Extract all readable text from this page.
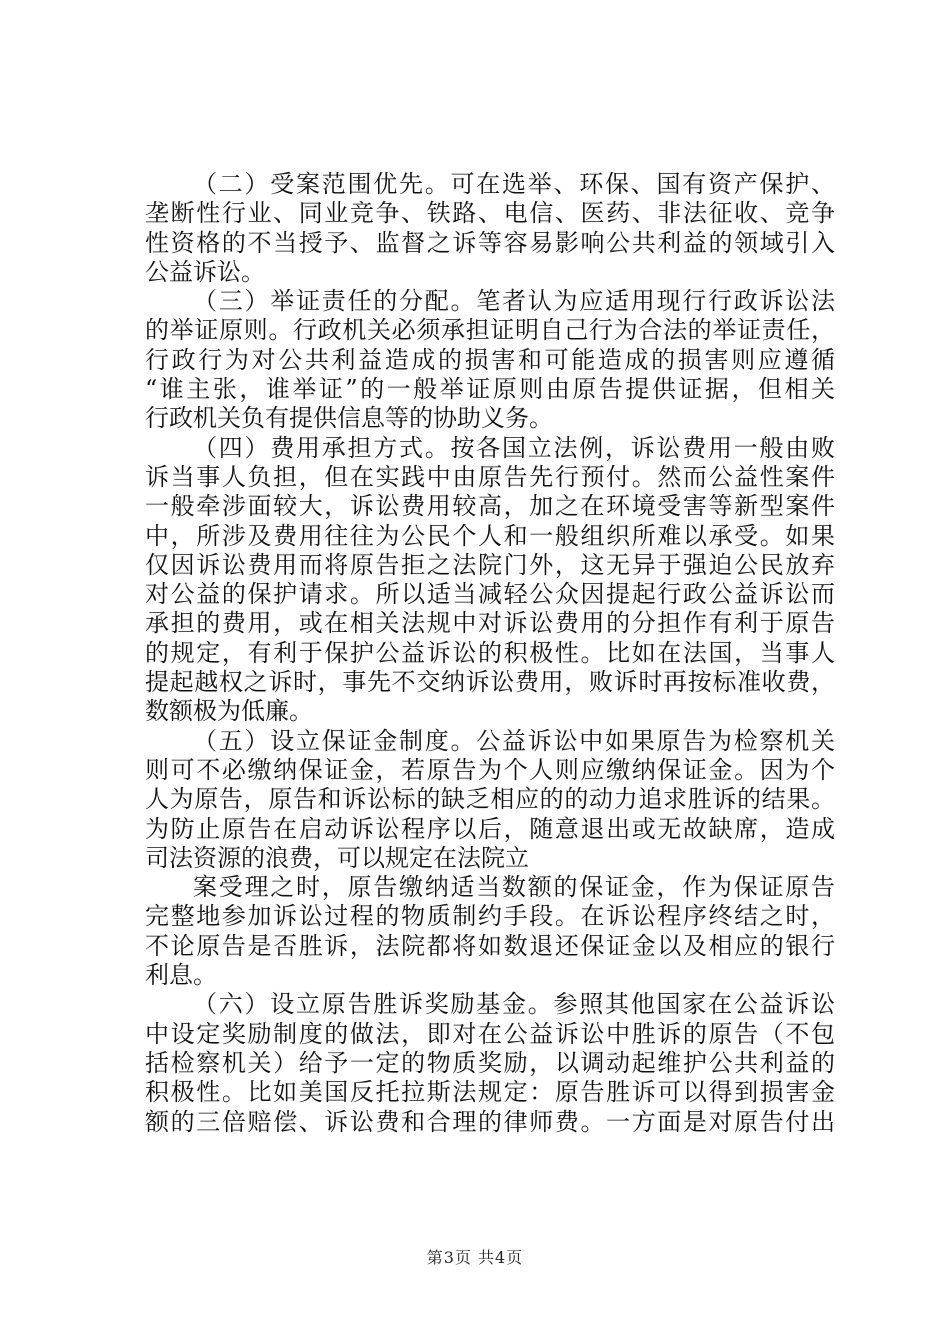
（二）受案范围优先。可在选举、环保、国有资产保护、
垄断性行业、同业竞争、铁路、电信、医药、非法征收、竞争
性资格的不当授予、监督之诉等容易影响公共利益的领域引入
公益诉讼。
（三）举证责任的分配。笔者认为应适用现行行政诉讼法
的举证原则。行政机关必须承担证明自己行为合法的举证责任，
行政行为对公共利益造成的损害和可能造成的损害则应遵循
“谁主张，谁举证”的一般举证原则由原告提供证据，但相关
行政机关负有提供信息等的协助义务。
（四）费用承担方式。按各国立法例，诉讼费用一般由败
诉当事人负担，但在实践中由原告先行预付。然而公益性案件
一般牵涉面较大，诉讼费用较高，加之在环境受害等新型案件
中，所涉及费用往往为公民个人和一般组织所难以承受。如果
仅因诉讼费用而将原告拒之法院门外，这无异于强迫公民放弃
对公益的保护请求。所以适当减轻公众因提起行政公益诉讼而
承担的费用，或在相关法规中对诉讼费用的分担作有利于原告
的规定，有利于保护公益诉讼的积极性。比如在法国，当事人
提起越权之诉时，事先不交纳诉讼费用，败诉时再按标准收费，
数额极为低廉。
（五）设立保证金制度。公益诉讼中如果原告为检察机关
则可不必缴纳保证金，若原告为个人则应缴纳保证金。因为个
人为原告，原告和诉讼标的缺乏相应的的动力追求胜诉的结果。
为防止原告在启动诉讼程序以后，随意退出或无故缺席，造成
司法资源的浪费，可以规定在法院立
案受理之时，原告缴纳适当数额的保证金，作为保证原告
完整地参加诉讼过程的物质制约手段。在诉讼程序终结之时，
不论原告是否胜诉，法院都将如数退还保证金以及相应的银行
利息。
（六）设立原告胜诉奖励基金。参照其他国家在公益诉讼
中设定奖励制度的做法，即对在公益诉讼中胜诉的原告（不包
括检察机关）给予一定的物质奖励，以调动起维护公共利益的
积极性。比如美国反托拉斯法规定：原告胜诉可以得到损害金
额的三倍赔偿、诉讼费和合理的律师费。一方面是对原告付出
第3页 共4页
